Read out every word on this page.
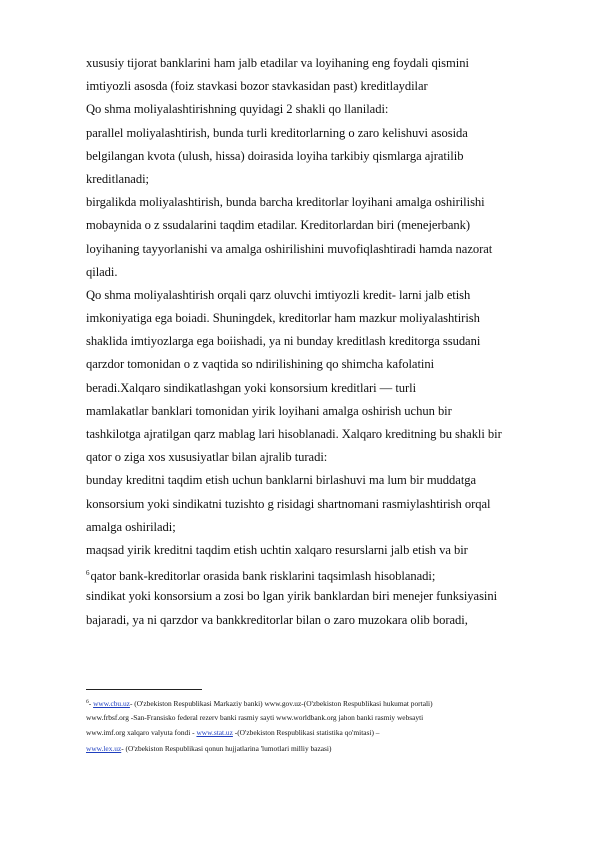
xususiy tijorat banklarini ham jalb etadilar va loyihaning eng foydali qismini
imtiyozli asosda (foiz stavkasi bozor stavkasidan past) kreditlaydilar
Qo shma moliyalashtirishning quyidagi 2 shakli qo llaniladi:
parallel moliyalashtirish, bunda turli kreditorlarning o zaro kelishuvi asosida
belgilangan kvota (ulush, hissa) doirasida loyiha tarkibiy qismlarga ajratilib
kreditlanadi;
birgalikda moliyalashtirish, bunda barcha kreditorlar loyihani amalga oshirilishi
mobaynida o z ssudalarini taqdim etadilar. Kreditorlardan biri (menejerbank)
loyihaning tayyorlanishi va amalga oshirilishini muvofiqlashtiradi hamda nazorat
qiladi.
Qo shma moliyalashtirish orqali qarz oluvchi imtiyozli kredit- larni jalb etish
imkoniyatiga ega boiadi. Shuningdek, kreditorlar ham mazkur moliyalashtirish
shaklida imtiyozlarga ega boiishadi, ya ni bunday kreditlash kreditorga ssudani
qarzdor tomonidan o z vaqtida so ndirilishining qo shimcha kafolatini
beradi.Xalqaro sindikatlashgan yoki konsorsium kreditlari — turli
mamlakatlar banklari tomonidan yirik loyihani amalga oshirish uchun bir
tashkilotga ajratilgan qarz mablag lari hisoblanadi. Xalqaro kreditning bu shakli bir
qator o ziga xos xususiyatlar bilan ajralib turadi:
bunday kreditni taqdim etish uchun banklarni birlashuvi ma lum bir muddatga
konsorsium yoki sindikatni tuzishto g risidagi shartnomani rasmiylashtirish orqal
amalga oshiriladi;
maqsad yirik kreditni taqdim etish uchtin xalqaro resurslarni jalb etish va bir
$^6$qator bank-kreditorlar orasida bank risklarini taqsimlash hisoblanadi;
sindikat yoki konsorsium a zosi bo lgan yirik banklardan biri menejer funksiyasini
bajaradi, ya ni qarzdor va bankkreditorlar bilan o zaro muzokara olib boradi,
$^6$- www.cbu.uz- (O'zbekiston Respublikasi Markaziy banki) www.gov.uz-(O'zbekiston Respublikasi hukumat portali)
www.frbsf.org -San-Fransisko federal rezerv banki rasmiy sayti www.worldbank.org jahon banki rasmiy websayti
www.imf.org xalqaro valyuta fondi - www.stat.uz -(O'zbekiston Respublikasi statistika qo'mitasi) –
www.lex.uz- (O'zbekiston Respublikasi qonun hujjatlarina 'lumotlari milliy bazasi)
